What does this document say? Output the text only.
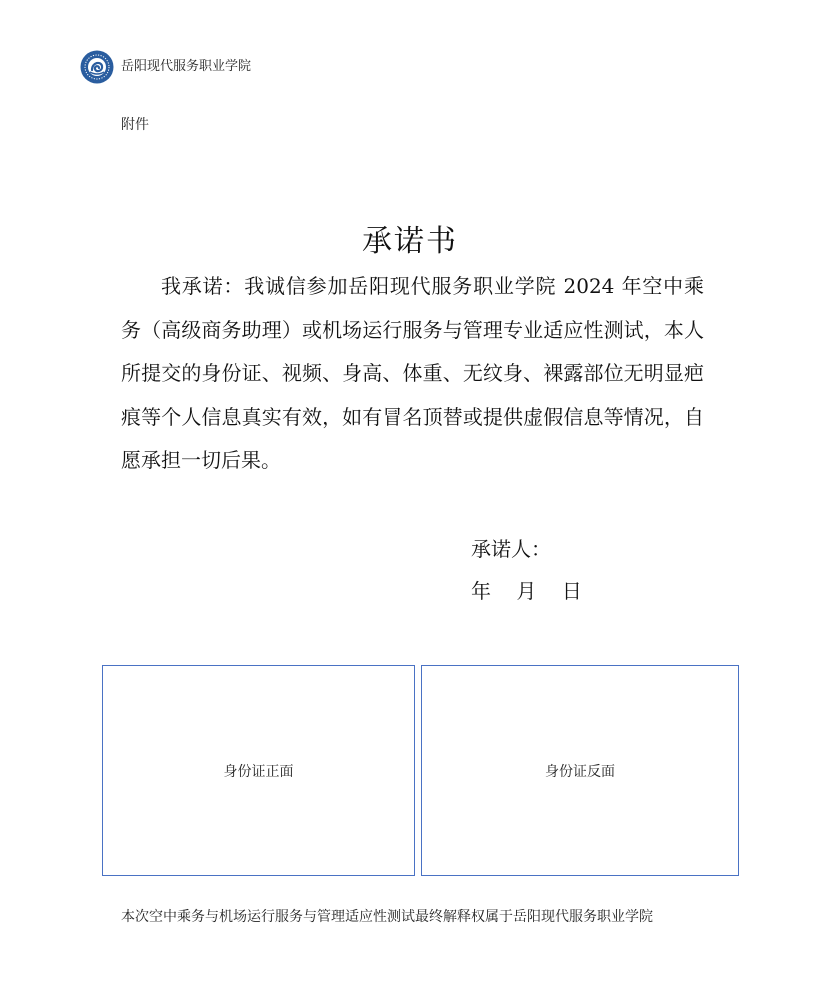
岳阳现代服务职业学院
附件
承诺书

我承诺：我诚信参加岳阳现代服务职业学院 2024 年空中乘务（高级商务助理）或机场运行服务与管理专业适应性测试，本人所提交的身份证、视频、身高、体重、无纹身、裸露部位无明显疤痕等个人信息真实有效，如有冒名顶替或提供虚假信息等情况，自愿承担一切后果。

承诺人：
年    月    日
身份证正面	身份证反面

本次空中乘务与机场运行服务与管理适应性测试最终解释权属于岳阳现代服务职业学院
